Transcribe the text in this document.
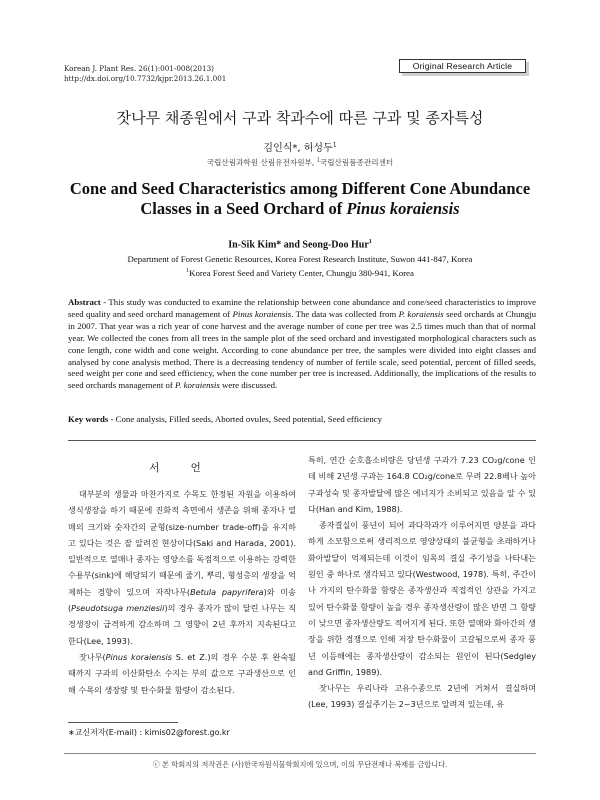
Korean J. Plant Res. 26(1):001-008(2013)
http://dx.doi.org/10.7732/kjpr.2013.26.1.001
Original Research Article
잣나무 채종원에서 구과 착과수에 따른 구과 및 종자특성
김인식*, 허성두$^1$
국립산림과학원 산림유전자원부, $^1$국립산림품종관리센터
Cone and Seed Characteristics among Different Cone Abundance
Classes in a Seed Orchard of Pinus koraiensis
In-Sik Kim* and Seong-Doo Hur$^1$
Department of Forest Genetic Resources, Korea Forest Research Institute, Suwon 441-847, Korea
$^1$Korea Forest Seed and Variety Center, Chungju 380-941, Korea
Abstract - This study was conducted to examine the relationship between cone abundance and cone/seed characteristics to improve seed quality and seed orchard management of Pinus koraiensis. The data was collected from P. koraiensis seed orchards at Chungju in 2007. That year was a rich year of cone harvest and the average number of cone per tree was 2.5 times much than that of normal year. We collected the cones from all trees in the sample plot of the seed orchard and investigated morphological characters such as cone length, cone width and cone weight. According to cone abundance per tree, the samples were divided into eight classes and analysed by cone analysis method. There is a decreasing tendency of number of fertile scale, seed potential, percent of filled seeds, seed weight per cone and seed efficiency, when the cone number per tree is increased. Additionally, the implications of the results to seed orchards management of P. koraiensis were discussed.
Key words - Cone analysis, Filled seeds, Aborted ovules, Seed potential, Seed efficiency
서 언

대부분의 생물과 마찬가지로 수목도 한정된 자원을 이용하여 생식생장을 하기 때문에 진화적 측면에서 생존을 위해 종자나 열매의 크기와 숫자간의 균형(size-number trade-off)을 유지하고 있다는 것은 잘 알려진 현상이다(Saki and Harada, 2001). 일반적으로 열매나 종자는 영양소를 독점적으로 이용하는 강력한 수용부(sink)에 해당되기 때문에 줄기, 뿌리, 형성층의 생장을 억제하는 경향이 있으며 자작나무(Betula papyrifera)와 미송(Pseudotsuga menziesii)의 경우 종자가 많이 달린 나무는 직경생장이 급격하게 감소하며 그 영향이 2년 후까지 지속된다고 한다(Lee, 1993).

잣나무(Pinus koraiensis S. et Z.)의 경우 수분 후 완숙될 때까지 구과의 이산화탄소 수지는 부의 값으로 구과생산으로 인해 수목의 생장량 및 탄수화물 함량이 감소된다.

특히, 연간 순호흡소비량은 당년생 구과가 7.23 CO₂g/cone 인데 비해 2년생 구과는 164.8 CO₂g/cone로 무려 22.8배나 높아 구과성숙 및 종자발달에 많은 에너지가 소비되고 있음을 알 수 있다(Han and Kim, 1988).

종자결실이 풍년이 되어 과다착과가 이루어지면 양분을 과다하게 소모함으로써 생리적으로 영양상태의 불균형을 초래하거나 화아발달이 억제되는데 이것이 임목의 결실 주기성을 나타내는 원인 중 하나로 생각되고 있다(Westwood, 1978). 특히, 주간이나 가지의 탄수화물 함량은 종자생산과 직접적인 상관을 가지고 있어 탄수화물 함량이 높을 경우 종자생산량이 많은 반면 그 함량이 낮으면 종자생산량도 적어지게 된다. 또한 열매와 화아간의 생장을 위한 경쟁으로 인해 저장 탄수화물이 고갈됨으로써 종자 풍년 이듬해에는 종자생산량이 감소되는 원인이 된다(Sedgley and Griffin, 1989).

잣나무는 우리나라 고유수종으로 2년에 거쳐서 결실하며(Lee, 1993) 결실주기는 2~3년으로 알려져 있는데, 유

∗교신저자(E-mail) : kimis02@forest.go.kr
ⓒ 본 학회지의 저작권은 (사)한국자원식물학회지에 있으며, 이의 무단전재나 복제를 금합니다.
